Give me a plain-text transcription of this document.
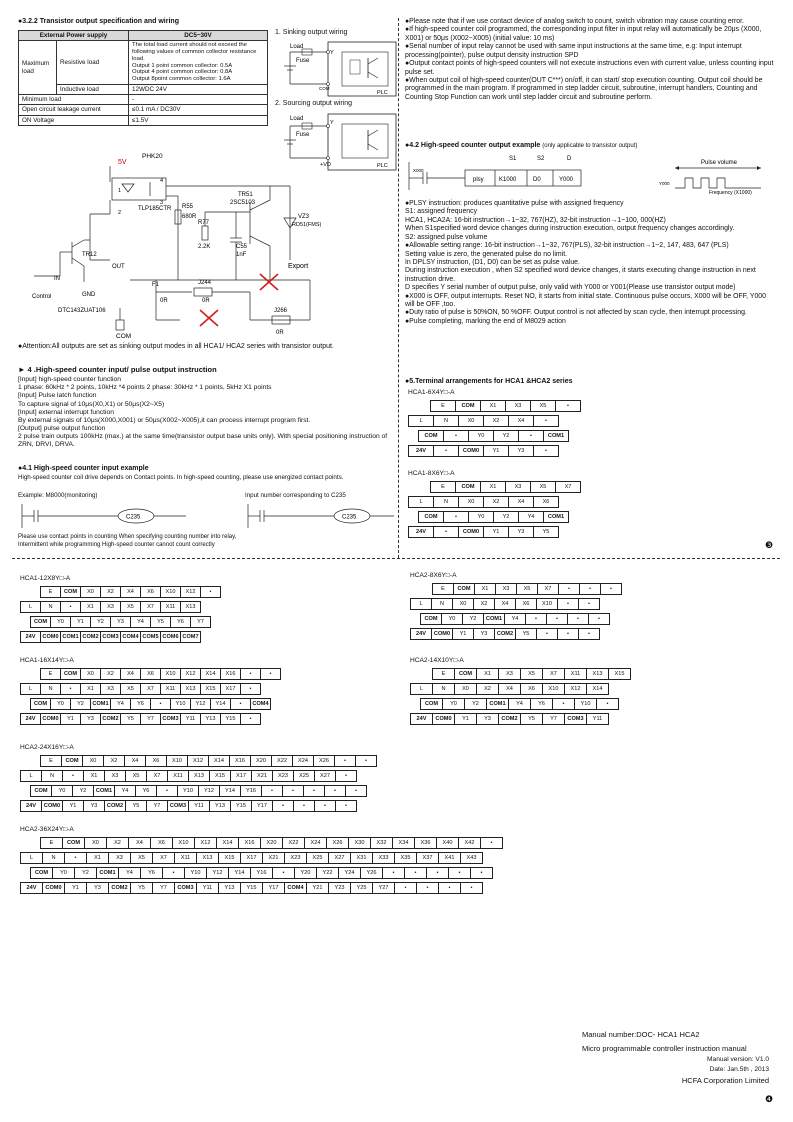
●3.2.2 Transistor output specification and wiring
External Power supply		DC5~30V
Maximum load	Resistive load	The total load current should not exceed the following values of common collector resistance load.
Output 1 point common collector: 0.5A
Output 4 point common collector: 0.8A
Output 8point common collector: 1.6A
	Inductive load	12WDC 24V
Minimum load		-
Open circuit leakage current		≤0.1 mA / DC30V
ON Voltage		≤1.5V
1. Sinking output wiring
Load
Fuse
Y
COM
PLC
2. Sourcing output wiring
Load
Fuse
Y
+VD	PLC
5V
PHK20
TLP185CTR R55
680R
TR51
2SC5103
VZ3
RD51(FMS)
R77
2.2K	C55
1nF
TR12
OUT
IN
GND
Control
DTC143ZUAT106
F1
0R
J244
0R
Export
J266
0R
COM
1
2
4
3
●Attention:All outputs are set as sinking output modes in all HCA1/ HCA2 series with transistor output.
► 4 .High-speed counter input/ pulse output instruction
[Input] high-speed counter function
1 phase: 60kHz * 2 points, 10kHz *4 points 2 phase: 30kHz * 1 points, 5kHz X1 points
[Input] Pulse latch function
To capture signal of 10μs(X0,X1) or 50μs(X2~X5)
[Input] external interrupt function
By external signals of 10μs(X000,X001) or 50μs(X002~X005),it can process interrupt program first.
[Output] pulse output function
2 pulse train outputs 100kHz (max.) at the same time(transistor output base units only). With special positioning instruction of ZRN, DRVI, DRVA.
●4.1 High-speed counter input example
High-speed counter coil drive depends on Contact points. In high-speed counting, please use energized contact points.
Example: M8000(monitoring)	Input number corresponding to C235
C235	C235
Please use contact points in counting When specifying counting number into relay,
Intermittent while programming High-speed counter cannot count correctly
●Please note that if we use contact device of analog switch to count, switch vibration may cause counting error.
●If high-speed counter coil programmed, the corresponding input filter in input relay will automatically be 20μs (X000, X001) or 50μs (X002~X005) (initial value: 10 ms)
●Serial number of input relay cannot be used with same input instructions at the same time, e.g: Input interrupt processing(pointer), pulse output density instruction SPD
●Output contact points of high-speed counters will not execute instructions even with current value, unless counting input pulse set.
●When output coil of high-speed counter(OUT C***) on/off, it can start/ stop execution counting. Output coil should be programmed in the main program. If programmed in step ladder circuit, subroutine, interrupt handlers, Counting and Counting Stop Function can work until step ladder circuit and subroutine perform.
●4.2 High-speed counter output example (only applicable to transistor output)
S1	S2	D
X000
plsy	K1000	D0	Y000
Pulse volume
Y000
Frequency (X1000)
●PLSY instruction: produces quantitative pulse with assigned frequency
S1: assigned frequency
HCA1, HCA2A: 16-bit instruction→1~32, 767(HZ), 32-bit instruction→1~100, 000(HZ)
When S1specified word device changes during instruction execution, output frequency changes accordingly.
S2: assigned pulse volume
●Allowable setting range: 16-bit instruction→1~32, 767(PLS), 32-bit instruction→1~2, 147, 483, 647 (PLS)
Setting value is zero, the generated pulse do no limit.
In DPLSY instruction, (D1, D0) can be set as pulse value.
During instruction execution , when S2 specified word device changes, it starts executing change instruction in next instruction drive.
D specifies Y serial number of output pulse, only valid with Y000 or Y001(Please use transistor output mode)
●X000 is OFF, output interrupts. Reset NO, it starts from initial state. Continuous pulse occurs, X000 will be OFF, Y000 will be OFF ,too.
●Duty ratio of pulse is 50%ON, 50 %OFF. Output control is not affected by scan cycle, then interrupt processing.
●Pulse completing, marking the end of M8029 action
●5.Terminal arrangements for HCA1 &HCA2 series
HCA1-6X4Y□-A
E	COM	X1	X3	X5	•
L	N	X0	X2	X4	•
COM	•	Y0	Y2	•	COM1
24V	•	COM0	Y1	Y3	•
HCA1-8X6Y□-A
E	COM	X1	X3	X5	X7
L	N	X0	X2	X4	X6
COM	•	Y0	Y2	Y4	COM1
24V	•	COM0	Y1	Y3	Y5
❸
HCA1-12X8Y□-A
E	COM	X0	X2	X4	X6	X10	X12	•
L	N	•	X1	X3	X5	X7	X11	X13
COM	Y0	Y1	Y2	Y3	Y4	Y5	Y6	Y7
24V	COM0 COM1 COM2 COM3 COM4 COM5 COM6 COM7
HCA2-8X6Y□-A
E	COM	X1	X3	X5	X7	•	•	•
L	N	X0	X2	X4	X6	X10	•	•
COM	Y0	Y2	COM1	Y4	•	•	•	•
24V	COM0	Y1	Y3	COM2	Y5	•	•	•
HCA1-16X14Y□-A
E	COM	X0	X2	X4	X6	X10	X12	X14	X16	•	•
L	N	•	X1	X3	X5	X7	X11	X13	X15	X17	•
COM	Y0	Y2	COM1	Y4	Y6	•	Y10	Y12	Y14	•	COM4
24V	COM0	Y1	Y3	COM2	Y5	Y7	COM3	Y11	Y13	Y15	•
HCA2-14X10Y□-A
E	COM	X1	X3	X5	X7	X11	X13	X15
L	N	X0	X2	X4	X6	X10	X12	X14
COM	Y0	Y2	COM1	Y4	Y6	•	Y10	•
24V	COM0	Y1	Y3	COM2	Y5	Y7	COM3	Y11
HCA2-24X16Y□-A
E	COM	X0	X2	X4	X6	X10	X12	X14	X16	X20	X22	X24	X26	•	•
L	N	•	X1	X3	X5	X7	X11	X13	X15	X17	X21	X23	X25	X27	•
COM	Y0	Y2	COM1	Y4	Y6	•	Y10	Y12	Y14	Y16	•	•	•	•	•
24V	COM0	Y1	Y3	COM2	Y5	Y7	COM3	Y11	Y13	Y15	Y17	•	•	•	•
HCA2-36X24Y□-A
E	COM	X0	X2	X4	X6	X10	X12	X14	X16	X20	X22	X24	X26	X30	X32	X34	X36	X40	X42	•
L	N	•	X1	X3	X5	X7	X11	X13	X15	X17	X21	X23	X25	X27	X31	X33	X35	X37	X41	X43
COM	Y0	Y2	COM1	Y4	Y6	•	Y10	Y12	Y14	Y16	•	Y20	Y22	Y24	Y26	•	•	•	•	•
24V	COM0	Y1	Y3	COM2	Y5	Y7	COM3	Y11	Y13	Y15	Y17	COM4	Y21	Y23	Y25	Y27	•	•	•	•
Manual number:DOC- HCA1 HCA2
Micro programmable controller instruction manual
Manual version: V1.0
Date: Jan.5th , 2013
HCFA Corporation Limited
❹
